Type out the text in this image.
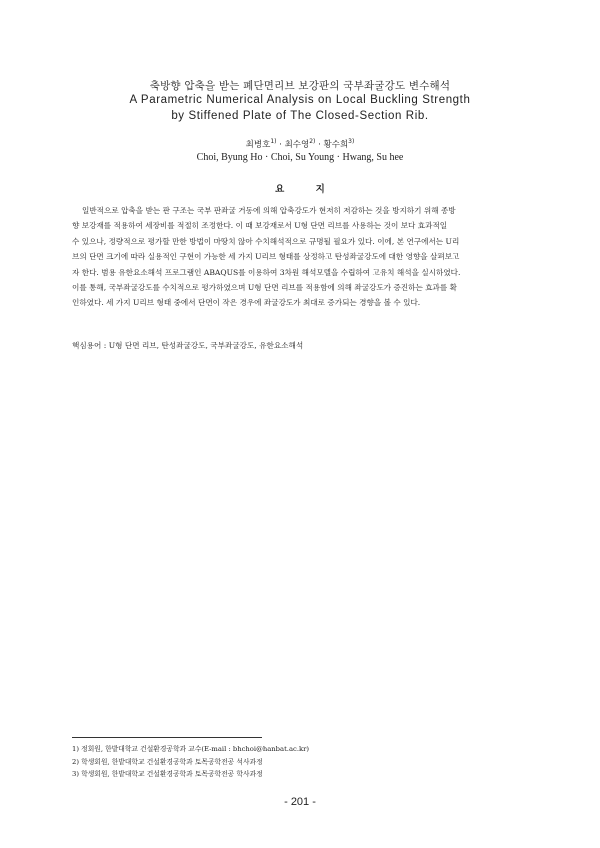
축방향 압축을 받는 폐단면리브 보강판의 국부좌굴강도 변수해석
A Parametric Numerical Analysis on Local Buckling Strength
by Stiffened Plate of The Closed-Section Rib.
최병호$^{1)}$ · 최수영$^{2)}$ · 황수희$^{3)}$
Choi, Byung Ho · Choi, Su Young · Hwang, Su hee
요 지
일반적으로 압축을 받는 판 구조는 국부 판좌굴 거동에 의해 압축강도가 현저히 저감하는 것을 방지하기 위해 종방
향 보강재를 적용하여 세장비를 적절히 조정한다. 이 때 보강재로서 U형 단면 리브를 사용하는 것이 보다 효과적일
수 있으나, 정량적으로 평가할 만한 방법이 마땅치 않아 수치해석적으로 규명될 필요가 있다. 이에, 본 연구에서는 U리
브의 단면 크기에 따라 실용적인 구현이 가능한 세 가지 U리브 형태를 상정하고 탄성좌굴강도에 대한 영향을 살펴보고
자 한다. 범용 유한요소해석 프로그램인 ABAQUS를 이용하여 3차원 해석모델을 수립하여 고유치 해석을 실시하였다.
이를 통해, 국부좌굴강도를 수치적으로 평가하였으며 U형 단면 리브를 적용함에 의해 좌굴강도가 증진하는 효과를 확
인하였다. 세 가지 U리브 형태 중에서 단면이 작은 경우에 좌굴강도가 최대로 증가되는 경향을 볼 수 있다.
핵심용어 : U형 단면 리브, 탄성좌굴강도, 국부좌굴강도, 유한요소해석
1) 정회원, 한밭대학교 건설환경공학과 교수(E-mail : bhchoi@hanbat.ac.kr)
2) 학생회원, 한밭대학교 건설환경공학과 토목공학전공 석사과정
3) 학생회원, 한밭대학교 건설환경공학과 토목공학전공 학사과정
- 201 -
